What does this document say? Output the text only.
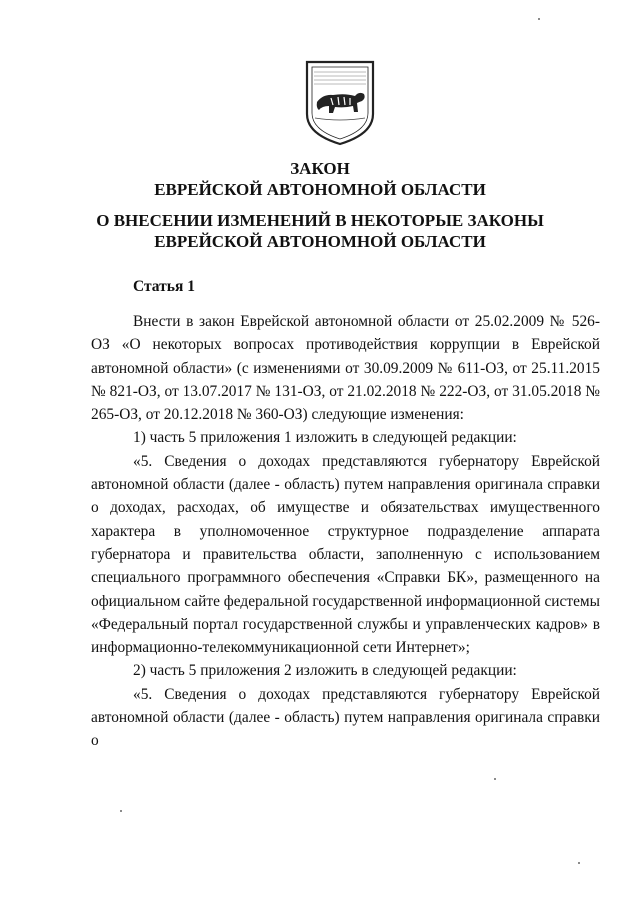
ЗАКОН
ЕВРЕЙСКОЙ АВТОНОМНОЙ ОБЛАСТИ
О ВНЕСЕНИИ ИЗМЕНЕНИЙ В НЕКОТОРЫЕ ЗАКОНЫ
ЕВРЕЙСКОЙ АВТОНОМНОЙ ОБЛАСТИ
Статья 1

Внести в закон Еврейской автономной области от 25.02.2009 № 526-ОЗ «О некоторых вопросах противодействия коррупции в Еврейской автономной области» (с изменениями от 30.09.2009 № 611-ОЗ, от 25.11.2015 № 821-ОЗ, от 13.07.2017 № 131-ОЗ, от 21.02.2018 № 222-ОЗ, от 31.05.2018 № 265-ОЗ, от 20.12.2018 № 360-ОЗ) следующие изменения:

1) часть 5 приложения 1 изложить в следующей редакции:

«5. Сведения о доходах представляются губернатору Еврейской автономной области (далее - область) путем направления оригинала справки о доходах, расходах, об имуществе и обязательствах имущественного характера в уполномоченное структурное подразделение аппарата губернатора и правительства области, заполненную с использованием специального программного обеспечения «Справки БК», размещенного на официальном сайте федеральной государственной информационной системы «Федеральный портал государственной службы и управленческих кадров» в информационно-телекоммуникационной сети Интернет»;

2) часть 5 приложения 2 изложить в следующей редакции:

«5. Сведения о доходах представляются губернатору Еврейской автономной области (далее - область) путем направления оригинала справки о
